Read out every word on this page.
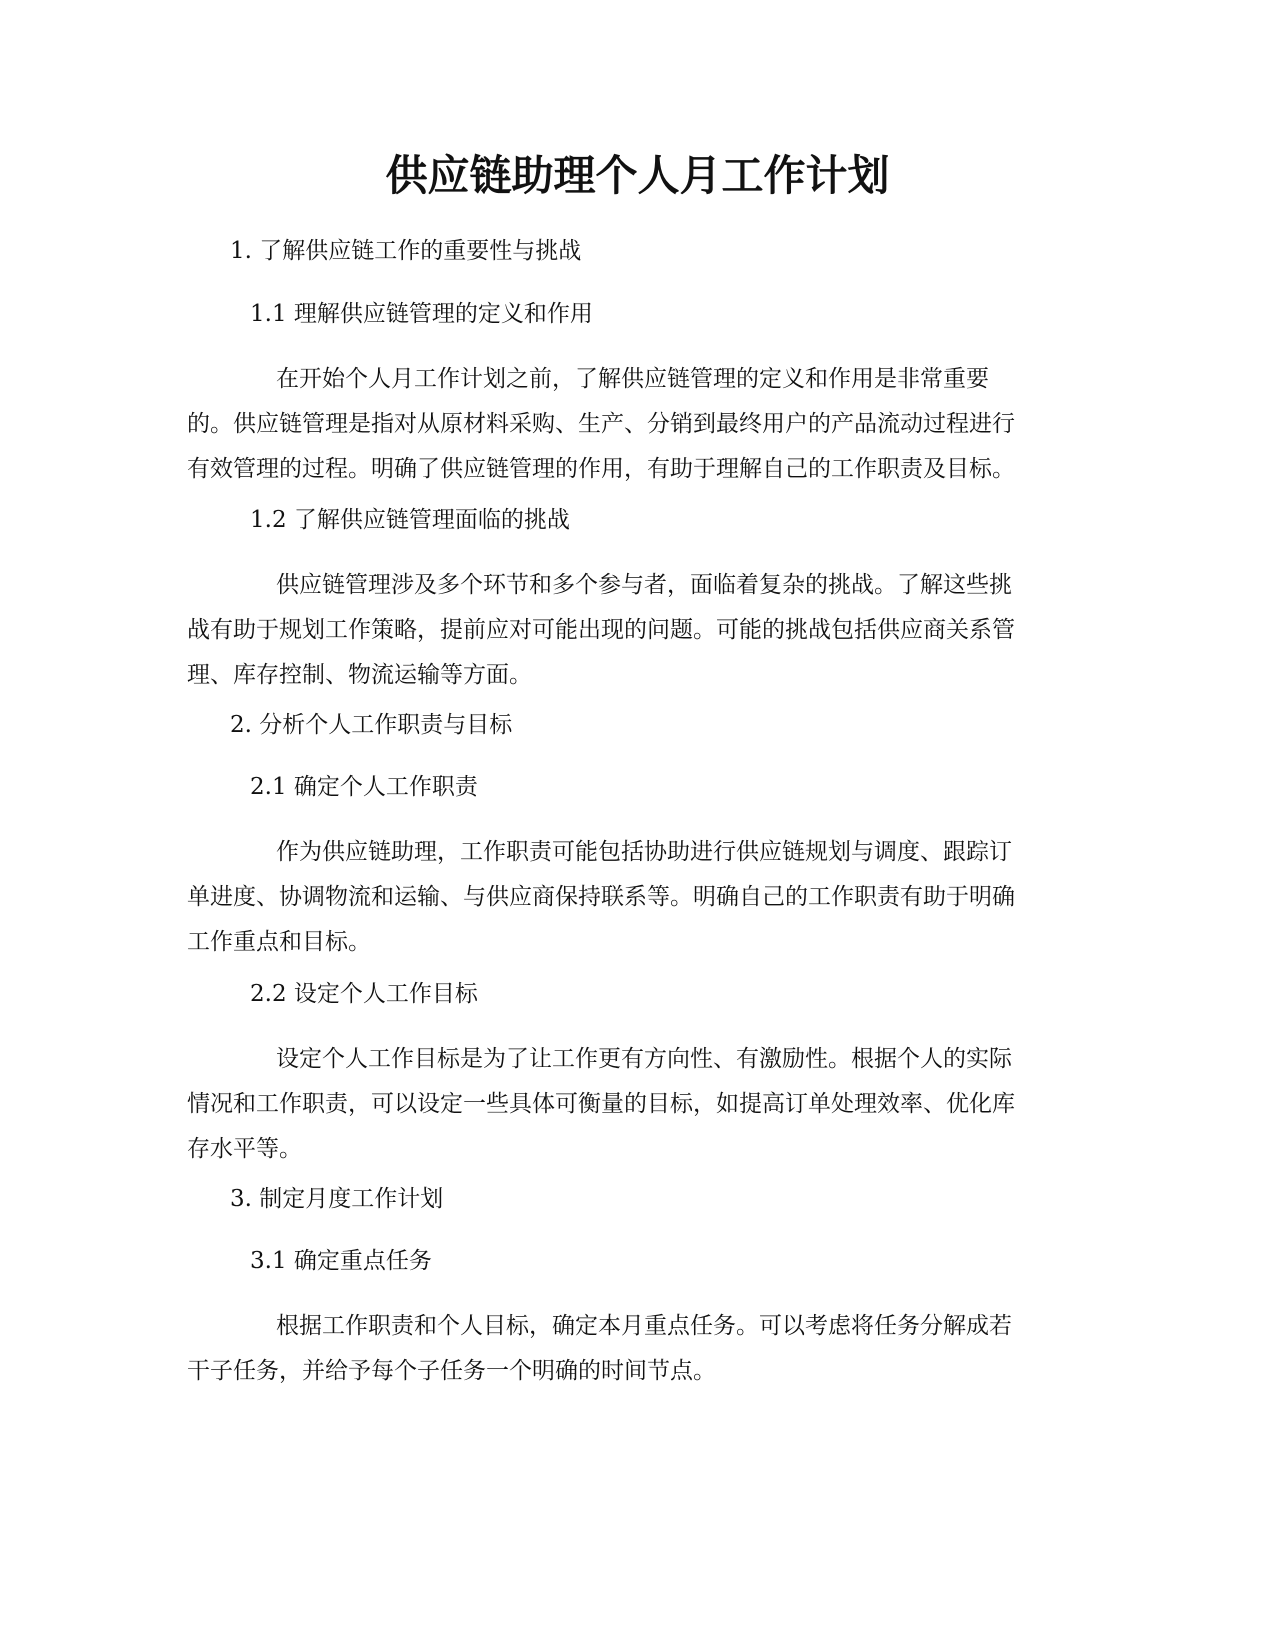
供应链助理个人月工作计划

1. 了解供应链工作的重要性与挑战

1.1 理解供应链管理的定义和作用

在开始个人月工作计划之前，了解供应链管理的定义和作用是非常重要
的。供应链管理是指对从原材料采购、生产、分销到最终用户的产品流动过程进行
有效管理的过程。明确了供应链管理的作用，有助于理解自己的工作职责及目标。

1.2 了解供应链管理面临的挑战

供应链管理涉及多个环节和多个参与者，面临着复杂的挑战。了解这些挑
战有助于规划工作策略，提前应对可能出现的问题。可能的挑战包括供应商关系管
理、库存控制、物流运输等方面。

2. 分析个人工作职责与目标

2.1 确定个人工作职责

作为供应链助理，工作职责可能包括协助进行供应链规划与调度、跟踪订
单进度、协调物流和运输、与供应商保持联系等。明确自己的工作职责有助于明确
工作重点和目标。

2.2 设定个人工作目标

设定个人工作目标是为了让工作更有方向性、有激励性。根据个人的实际
情况和工作职责，可以设定一些具体可衡量的目标，如提高订单处理效率、优化库
存水平等。

3. 制定月度工作计划

3.1 确定重点任务

根据工作职责和个人目标，确定本月重点任务。可以考虑将任务分解成若
干子任务，并给予每个子任务一个明确的时间节点。
